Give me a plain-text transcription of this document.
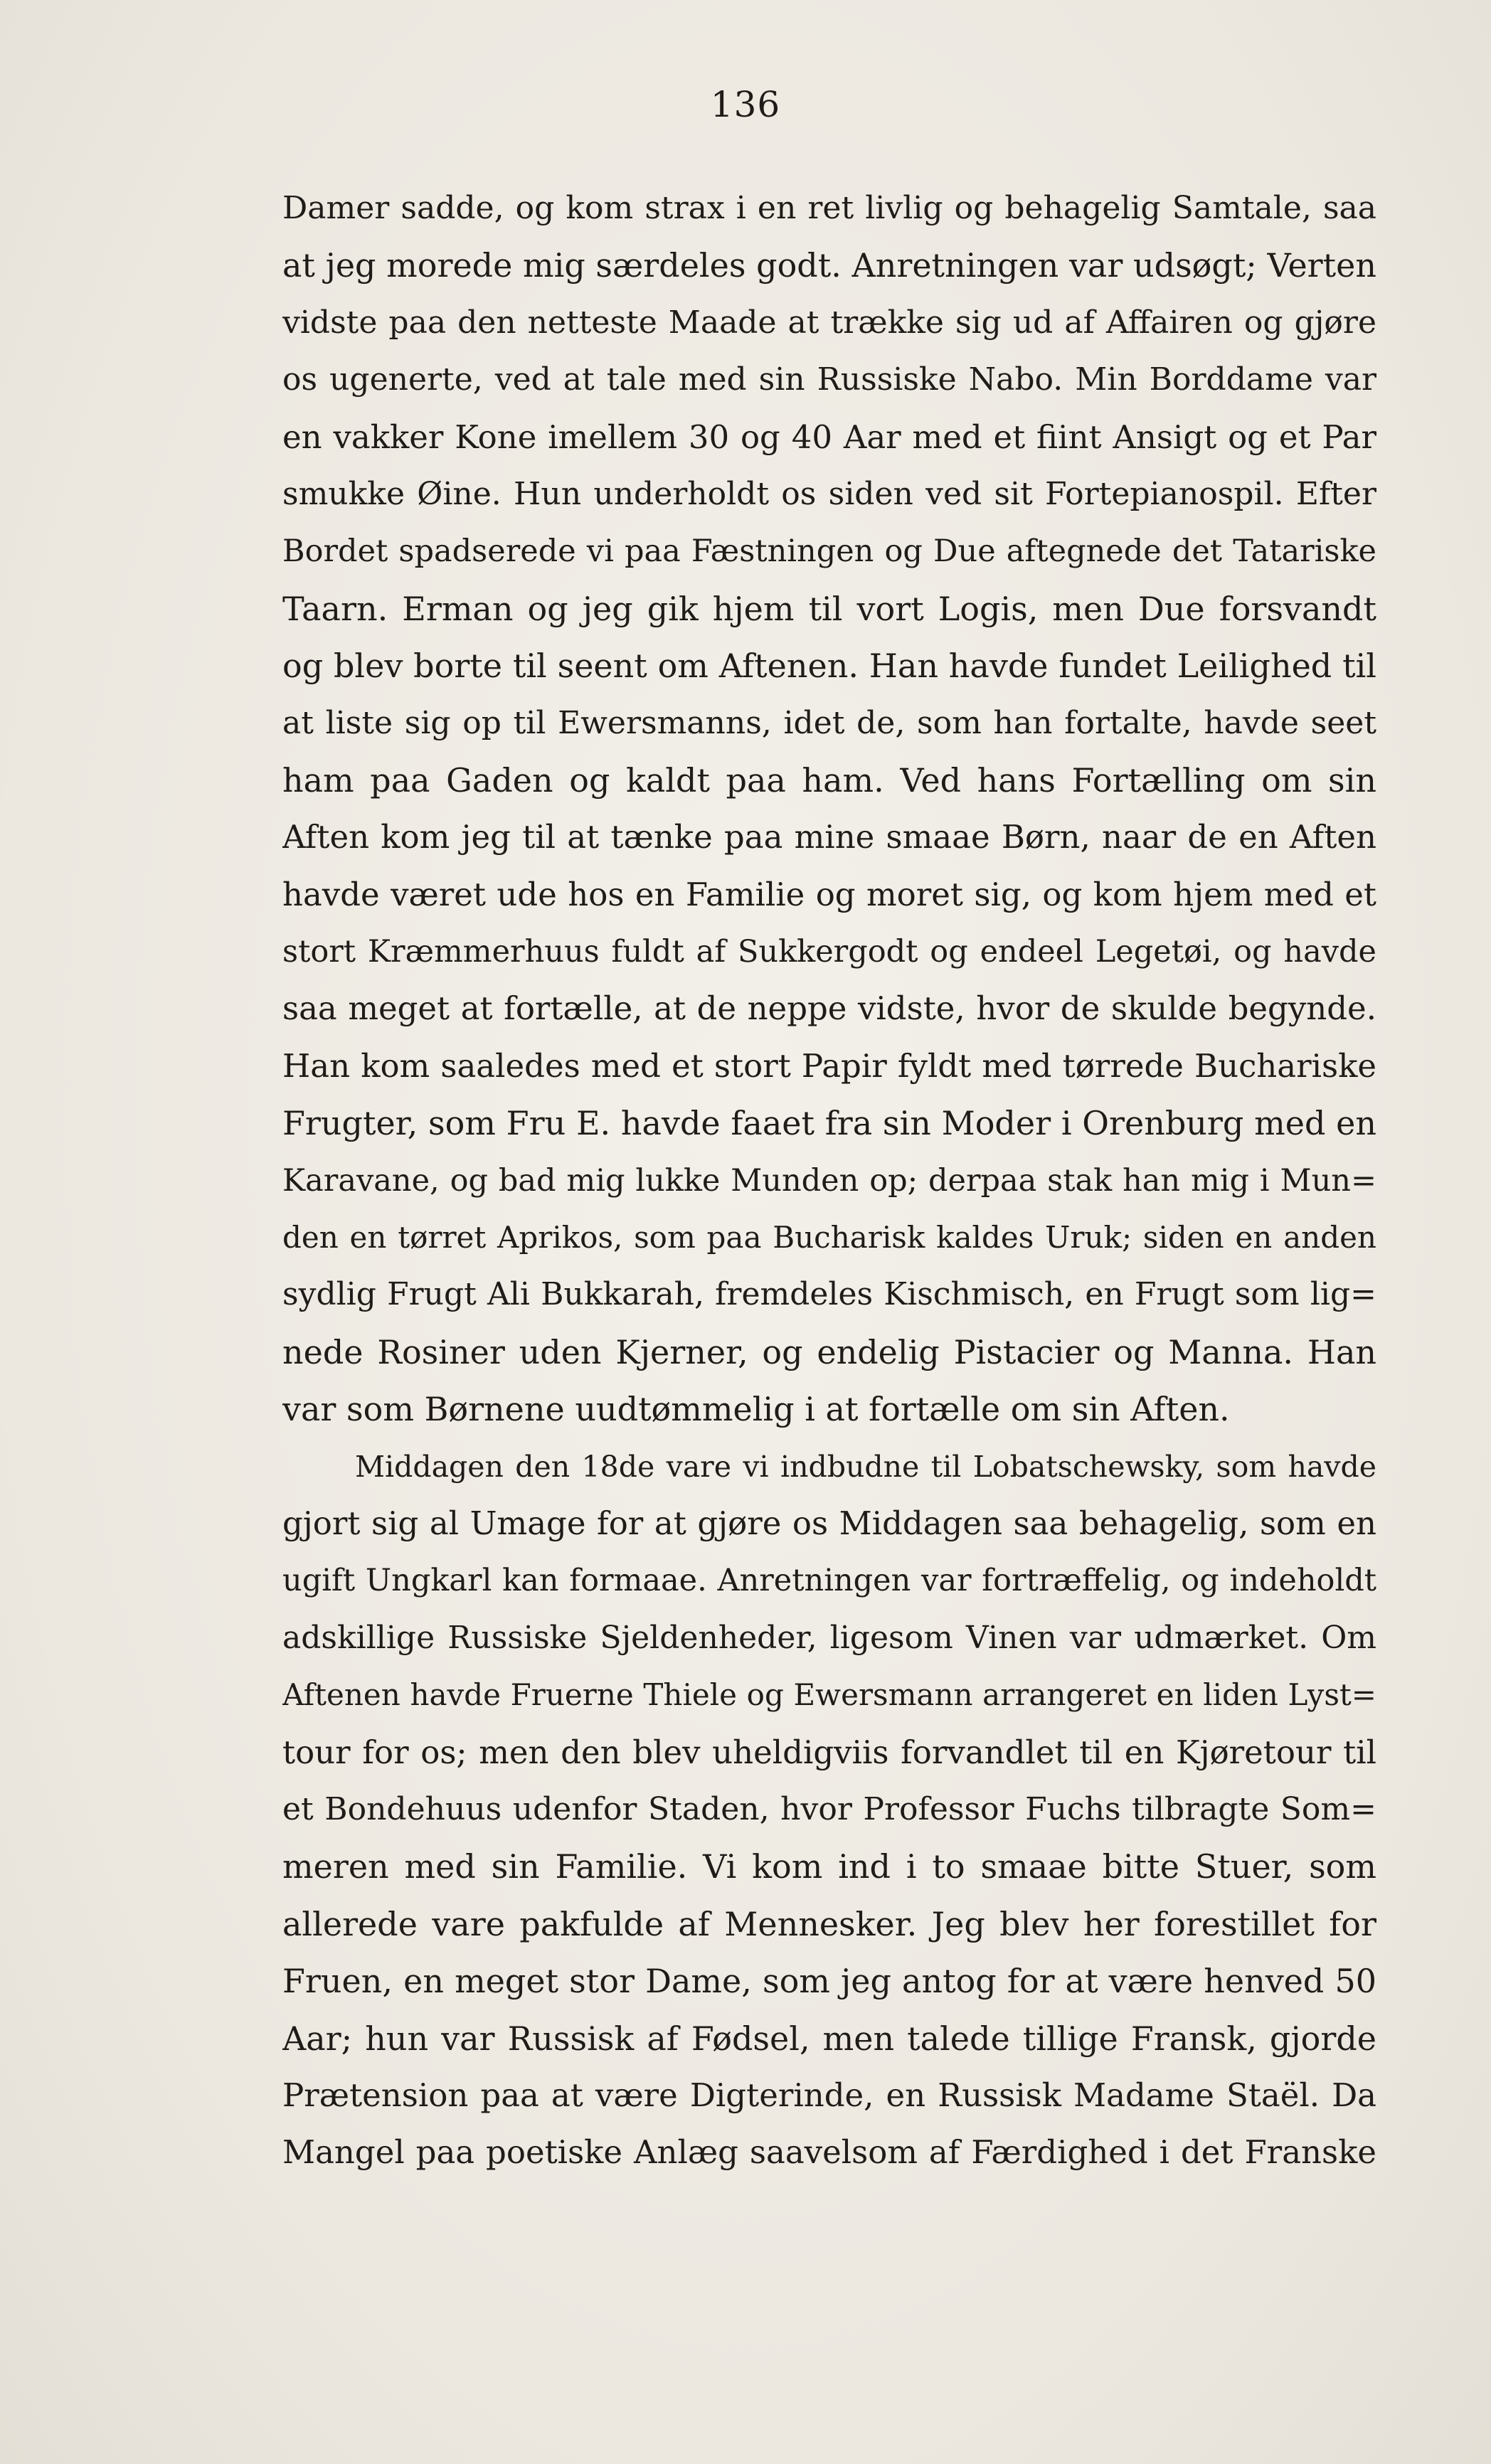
136
Damer sadde, og kom strax i en ret livlig og behagelig Samtale, saa
at jeg morede mig særdeles godt. Anretningen var udsøgt; Verten
vidste paa den netteste Maade at trække sig ud af Affairen og gjøre
os ugenerte, ved at tale med sin Russiske Nabo. Min Borddame var
en vakker Kone imellem 30 og 40 Aar med et fiint Ansigt og et Par
smukke Øine. Hun underholdt os siden ved sit Fortepianospil. Efter
Bordet spadserede vi paa Fæstningen og Due aftegnede det Tatariske
Taarn. Erman og jeg gik hjem til vort Logis, men Due forsvandt
og blev borte til seent om Aftenen. Han havde fundet Leilighed til
at liste sig op til Ewersmanns, idet de, som han fortalte, havde seet
ham paa Gaden og kaldt paa ham. Ved hans Fortælling om sin
Aften kom jeg til at tænke paa mine smaae Børn, naar de en Aften
havde været ude hos en Familie og moret sig, og kom hjem med et
stort Kræmmerhuus fuldt af Sukkergodt og endeel Legetøi, og havde
saa meget at fortælle, at de neppe vidste, hvor de skulde begynde.
Han kom saaledes med et stort Papir fyldt med tørrede Buchariske
Frugter, som Fru E. havde faaet fra sin Moder i Orenburg med en
Karavane, og bad mig lukke Munden op; derpaa stak han mig i Mun=
den en tørret Aprikos, som paa Bucharisk kaldes Uruk; siden en anden
sydlig Frugt Ali Bukkarah, fremdeles Kischmisch, en Frugt som lig=
nede Rosiner uden Kjerner, og endelig Pistacier og Manna. Han
var som Børnene uudtømmelig i at fortælle om sin Aften.
Middagen den 18de vare vi indbudne til Lobatschewsky, som havde
gjort sig al Umage for at gjøre os Middagen saa behagelig, som en
ugift Ungkarl kan formaae. Anretningen var fortræffelig, og indeholdt
adskillige Russiske Sjeldenheder, ligesom Vinen var udmærket. Om
Aftenen havde Fruerne Thiele og Ewersmann arrangeret en liden Lyst=
tour for os; men den blev uheldigviis forvandlet til en Kjøretour til
et Bondehuus udenfor Staden, hvor Professor Fuchs tilbragte Som=
meren med sin Familie. Vi kom ind i to smaae bitte Stuer, som
allerede vare pakfulde af Mennesker. Jeg blev her forestillet for
Fruen, en meget stor Dame, som jeg antog for at være henved 50
Aar; hun var Russisk af Fødsel, men talede tillige Fransk, gjorde
Prætension paa at være Digterinde, en Russisk Madame Staël. Da
Mangel paa poetiske Anlæg saavelsom af Færdighed i det Franske
